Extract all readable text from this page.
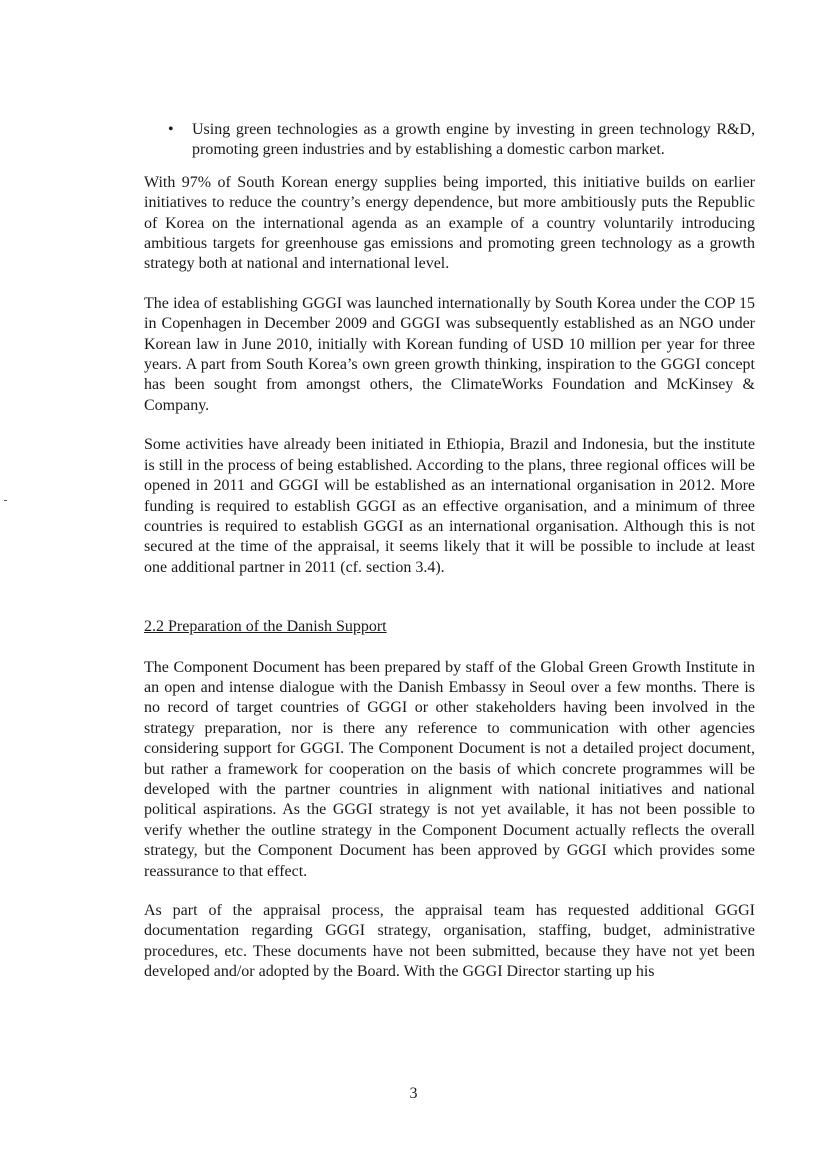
• Using green technologies as a growth engine by investing in green technology R&D, promoting green industries and by establishing a domestic carbon market.

With 97% of South Korean energy supplies being imported, this initiative builds on earlier initiatives to reduce the country’s energy dependence, but more ambitiously puts the Republic of Korea on the international agenda as an example of a country voluntarily introducing ambitious targets for greenhouse gas emissions and promoting green technology as a growth strategy both at national and international level.

The idea of establishing GGGI was launched internationally by South Korea under the COP 15 in Copenhagen in December 2009 and GGGI was subsequently established as an NGO under Korean law in June 2010, initially with Korean funding of USD 10 million per year for three years. A part from South Korea’s own green growth thinking, inspiration to the GGGI concept has been sought from amongst others, the ClimateWorks Foundation and McKinsey & Company.

Some activities have already been initiated in Ethiopia, Brazil and Indonesia, but the institute is still in the process of being established. According to the plans, three regional offices will be opened in 2011 and GGGI will be established as an international organisation in 2012. More funding is required to establish GGGI as an effective organisation, and a minimum of three countries is required to establish GGGI as an international organisation. Although this is not secured at the time of the appraisal, it seems likely that it will be possible to include at least one additional partner in 2011 (cf. section 3.4).

2.2 Preparation of the Danish Support

The Component Document has been prepared by staff of the Global Green Growth Institute in an open and intense dialogue with the Danish Embassy in Seoul over a few months. There is no record of target countries of GGGI or other stakeholders having been involved in the strategy preparation, nor is there any reference to communication with other agencies considering support for GGGI. The Component Document is not a detailed project document, but rather a framework for cooperation on the basis of which concrete programmes will be developed with the partner countries in alignment with national initiatives and national political aspirations. As the GGGI strategy is not yet available, it has not been possible to verify whether the outline strategy in the Component Document actually reflects the overall strategy, but the Component Document has been approved by GGGI which provides some reassurance to that effect.

As part of the appraisal process, the appraisal team has requested additional GGGI documentation regarding GGGI strategy, organisation, staffing, budget, administrative procedures, etc. These documents have not been submitted, because they have not yet been developed and/or adopted by the Board. With the GGGI Director starting up his

3
